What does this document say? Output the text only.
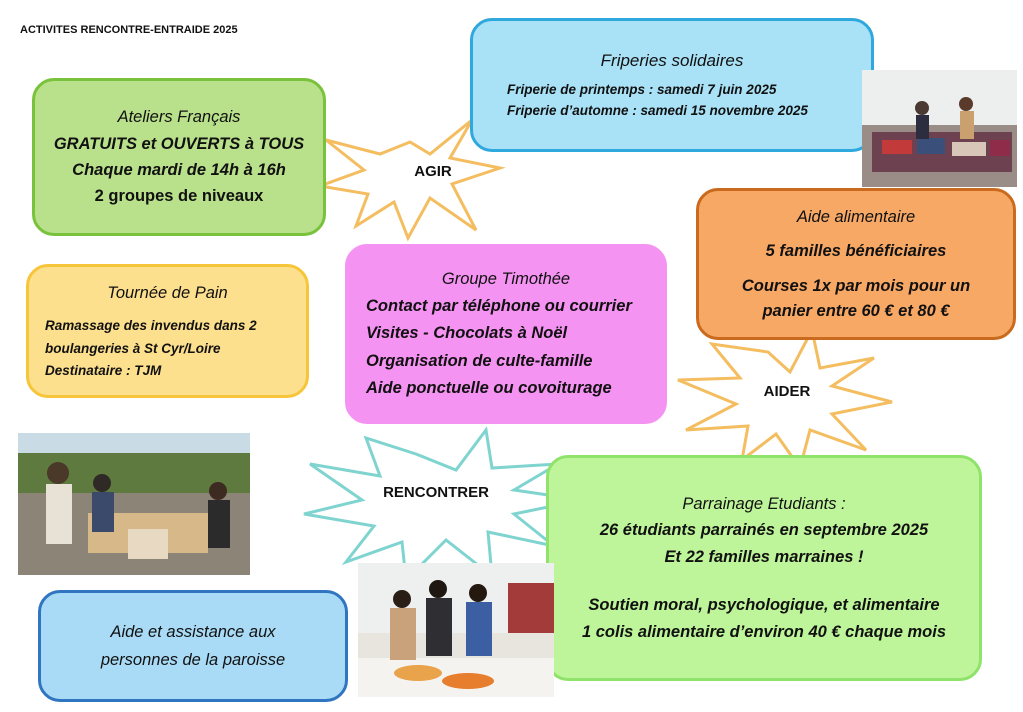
ACTIVITES RENCONTRE-ENTRAIDE 2025
AGIR
AIDER
RENCONTRER
Ateliers Français
GRATUITS et OUVERTS à TOUS
Chaque mardi de 14h à 16h
2 groupes de niveaux
Friperies solidaires
Friperie de printemps : samedi 7 juin 2025
Friperie d’automne : samedi 15 novembre 2025
Tournée de Pain
Ramassage des invendus dans 2
boulangeries à St Cyr/Loire
Destinataire : TJM
Groupe Timothée
Contact par téléphone ou courrier
Visites - Chocolats à Noël
Organisation de culte-famille
Aide ponctuelle ou covoiturage
Aide alimentaire
5 familles bénéficiaires
Courses 1x par mois pour un
panier entre 60 € et 80 €
Parrainage Etudiants :
26 étudiants parrainés en septembre 2025
Et 22 familles marraines !
Soutien moral, psychologique, et alimentaire
1 colis alimentaire d’environ 40 € chaque mois
Aide et assistance aux
personnes de la paroisse
